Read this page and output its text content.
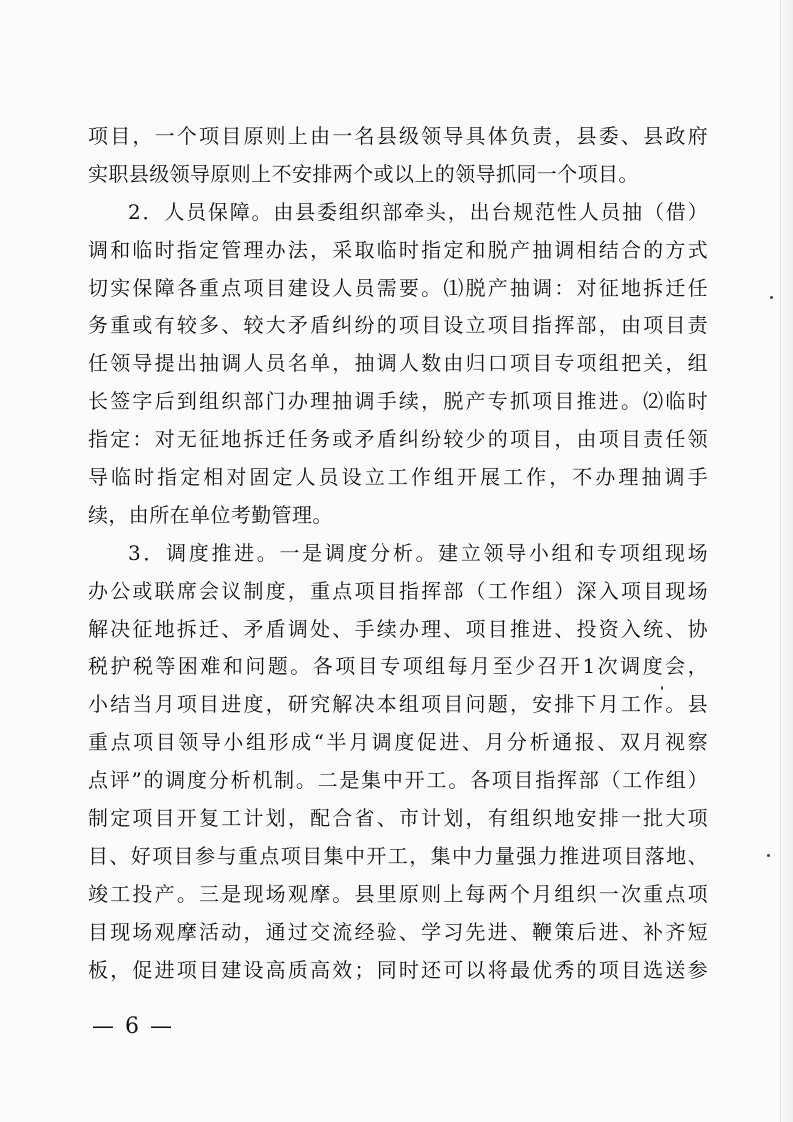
项目，一个项目原则上由一名县级领导具体负责，县委、县政府
实职县级领导原则上不安排两个或以上的领导抓同一个项目。
2．人员保障。由县委组织部牵头，出台规范性人员抽（借）
调和临时指定管理办法，采取临时指定和脱产抽调相结合的方式
切实保障各重点项目建设人员需要。⑴脱产抽调：对征地拆迁任
务重或有较多、较大矛盾纠纷的项目设立项目指挥部，由项目责
任领导提出抽调人员名单，抽调人数由归口项目专项组把关，组
长签字后到组织部门办理抽调手续，脱产专抓项目推进。⑵临时
指定：对无征地拆迁任务或矛盾纠纷较少的项目，由项目责任领
导临时指定相对固定人员设立工作组开展工作，不办理抽调手
续，由所在单位考勤管理。
3．调度推进。一是调度分析。建立领导小组和专项组现场
办公或联席会议制度，重点项目指挥部（工作组）深入项目现场
解决征地拆迁、矛盾调处、手续办理、项目推进、投资入统、协
税护税等困难和问题。各项目专项组每月至少召开1次调度会，
小结当月项目进度，研究解决本组项目问题，安排下月工作。县
重点项目领导小组形成“半月调度促进、月分析通报、双月视察
点评”的调度分析机制。二是集中开工。各项目指挥部（工作组）
制定项目开复工计划，配合省、市计划，有组织地安排一批大项
目、好项目参与重点项目集中开工，集中力量强力推进项目落地、
竣工投产。三是现场观摩。县里原则上每两个月组织一次重点项
目现场观摩活动，通过交流经验、学习先进、鞭策后进、补齐短
板，促进项目建设高质高效；同时还可以将最优秀的项目选送参
— 6 —
